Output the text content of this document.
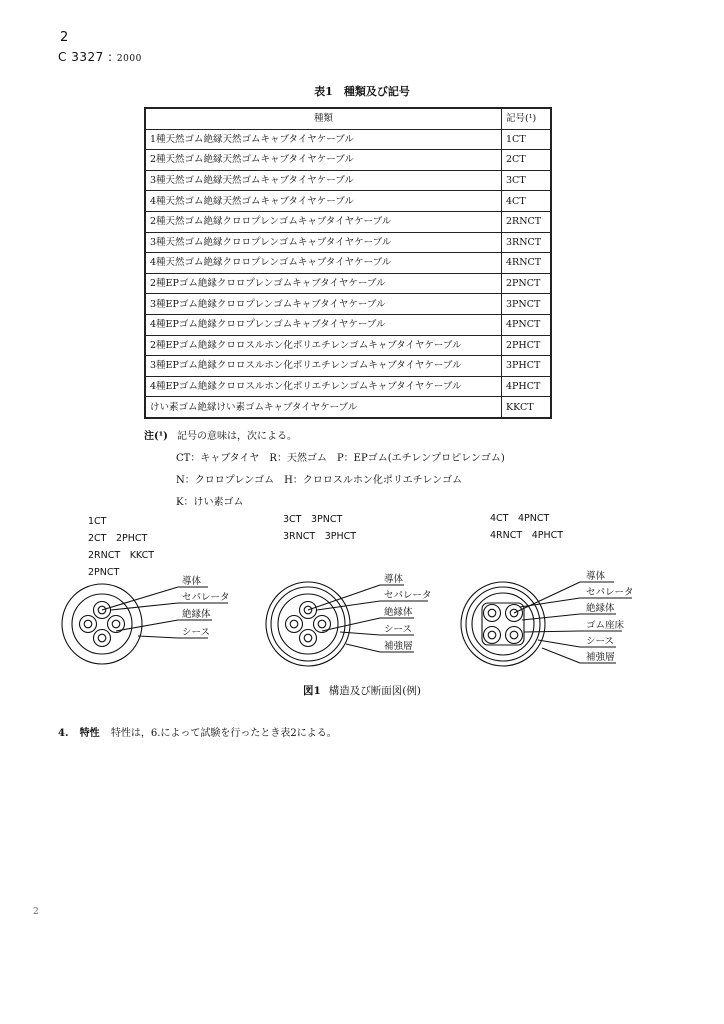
2
C 3327 : 2000
表1　種類及び記号
種類	記号(¹)
1種天然ゴム絶縁天然ゴムキャブタイヤケーブル	1CT
2種天然ゴム絶縁天然ゴムキャブタイヤケーブル	2CT
3種天然ゴム絶縁天然ゴムキャブタイヤケーブル	3CT
4種天然ゴム絶縁天然ゴムキャブタイヤケーブル	4CT
2種天然ゴム絶縁クロロプレンゴムキャブタイヤケーブル	2RNCT
3種天然ゴム絶縁クロロプレンゴムキャブタイヤケーブル	3RNCT
4種天然ゴム絶縁クロロプレンゴムキャブタイヤケーブル	4RNCT
2種EPゴム絶縁クロロプレンゴムキャブタイヤケーブル	2PNCT
3種EPゴム絶縁クロロプレンゴムキャブタイヤケーブル	3PNCT
4種EPゴム絶縁クロロプレンゴムキャブタイヤケーブル	4PNCT
2種EPゴム絶縁クロロスルホン化ポリエチレンゴムキャブタイヤケーブル	2PHCT
3種EPゴム絶縁クロロスルホン化ポリエチレンゴムキャブタイヤケーブル	3PHCT
4種EPゴム絶縁クロロスルホン化ポリエチレンゴムキャブタイヤケーブル	4PHCT
けい素ゴム絶縁けい素ゴムキャブタイヤケーブル	KKCT
注(¹) 記号の意味は，次による。
CT：キャブタイヤ　R：天然ゴム　P：EPゴム(エチレンプロピレンゴム)
N：クロロプレンゴム　H：クロロスルホン化ポリエチレンゴム
K：けい素ゴム
1CT
2CT　2PHCT
2RNCT　KKCT
2PNCT
3CT　3PNCT
3RNCT　3PHCT
4CT　4PNCT
4RNCT　4PHCT
導体
セパレータ
絶縁体
シース
導体
セパレータ
絶縁体
シース
補強層
導体
セパレータ
絶縁体
ゴム座床
シース
補強層
図1 構造及び断面図(例)
4. 特性 特性は，6.によって試験を行ったとき表2による。
2
